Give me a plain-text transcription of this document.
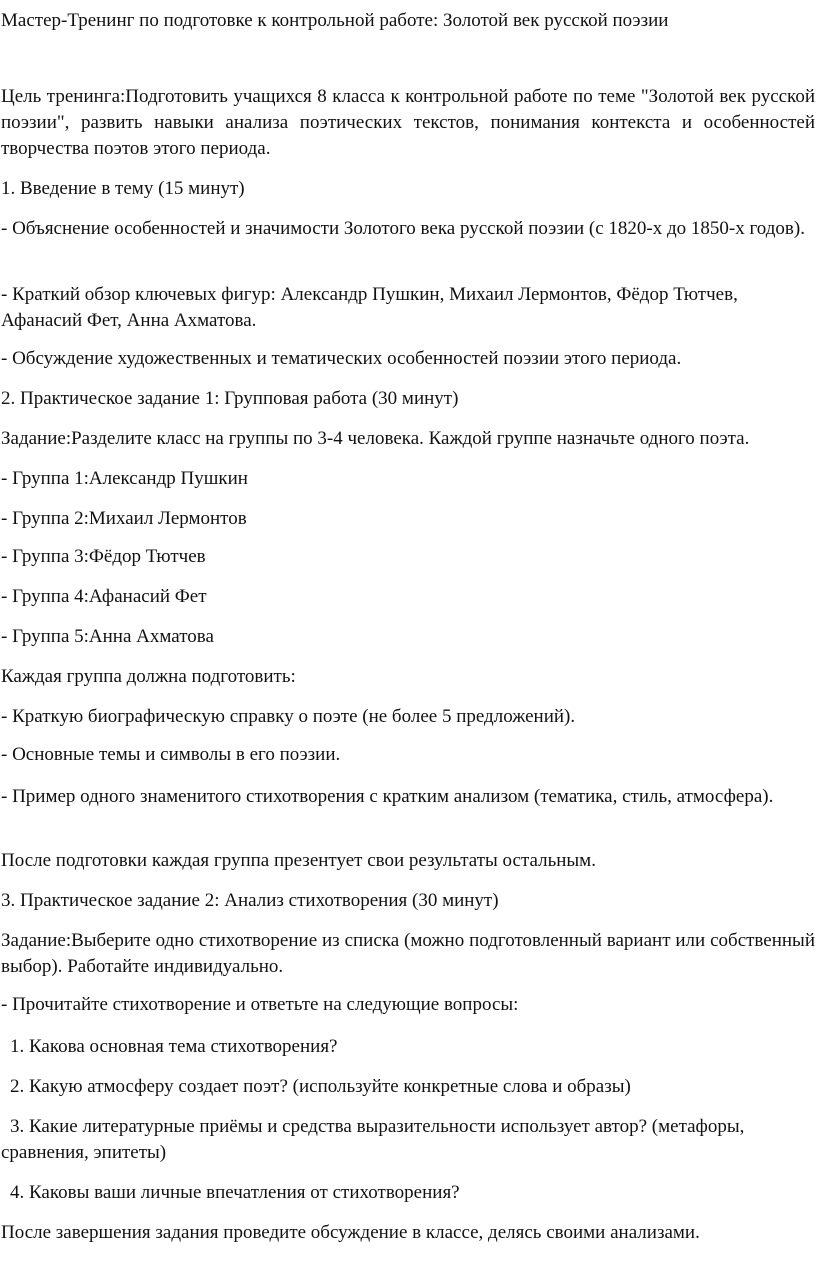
Мастер-Тренинг по подготовке к контрольной работе: Золотой век русской поэзии

Цель тренинга:Подготовить учащихся 8 класса к контрольной работе по теме "Золотой век русской поэзии", развить навыки анализа поэтических текстов, понимания контекста и особенностей творчества поэтов этого периода.

1. Введение в тему (15 минут)

- Объяснение особенностей и значимости Золотого века русской поэзии (с 1820-х до 1850-х годов).

- Краткий обзор ключевых фигур: Александр Пушкин, Михаил Лермонтов, Фёдор Тютчев, Афанасий Фет, Анна Ахматова.

- Обсуждение художественных и тематических особенностей поэзии этого периода.

2. Практическое задание 1: Групповая работа (30 минут)

Задание:Разделите класс на группы по 3-4 человека. Каждой группе назначьте одного поэта.

- Группа 1:Александр Пушкин

- Группа 2:Михаил Лермонтов

- Группа 3:Фёдор Тютчев

- Группа 4:Афанасий Фет

- Группа 5:Анна Ахматова

Каждая группа должна подготовить:

- Краткую биографическую справку о поэте (не более 5 предложений).

- Основные темы и символы в его поэзии.

- Пример одного знаменитого стихотворения с кратким анализом (тематика, стиль, атмосфера).

После подготовки каждая группа презентует свои результаты остальным.

3. Практическое задание 2: Анализ стихотворения (30 минут)

Задание:Выберите одно стихотворение из списка (можно подготовленный вариант или собственный выбор). Работайте индивидуально.

- Прочитайте стихотворение и ответьте на следующие вопросы:

1. Какова основная тема стихотворения?

2. Какую атмосферу создает поэт? (используйте конкретные слова и образы)

3. Какие литературные приёмы и средства выразительности использует автор? (метафоры, сравнения, эпитеты)

4. Каковы ваши личные впечатления от стихотворения?

После завершения задания проведите обсуждение в классе, делясь своими анализами.
